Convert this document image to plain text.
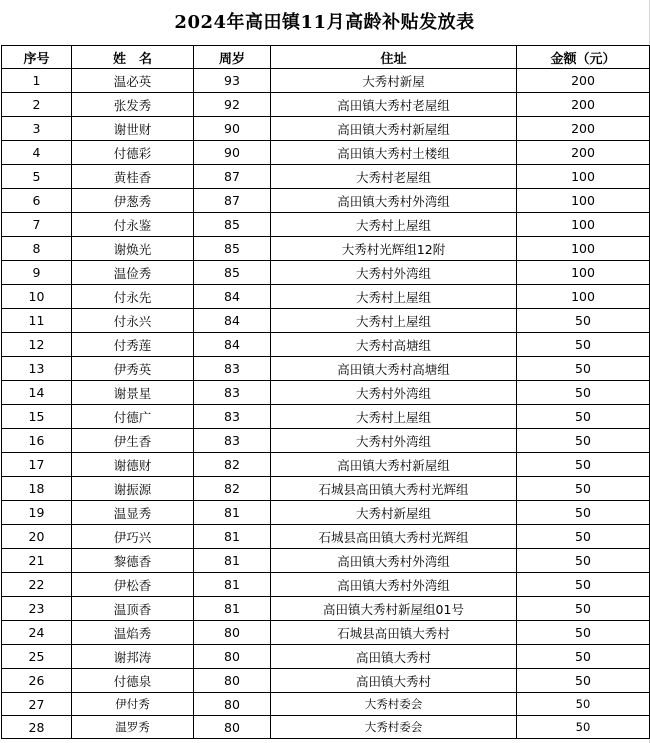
2024年高田镇11月高龄补贴发放表
序号	姓　名	周岁	住址	金额（元）
1	温必英	93	大秀村新屋	200
2	张发秀	92	高田镇大秀村老屋组	200
3	谢世财	90	高田镇大秀村新屋组	200
4	付德彩	90	高田镇大秀村土楼组	200
5	黄桂香	87	大秀村老屋组	100
6	伊葱秀	87	高田镇大秀村外湾组	100
7	付永鉴	85	大秀村上屋组	100
8	谢焕光	85	大秀村光辉组12附	100
9	温俭秀	85	大秀村外湾组	100
10	付永先	84	大秀村上屋组	100
11	付永兴	84	大秀村上屋组	50
12	付秀莲	84	大秀村高塘组	50
13	伊秀英	83	高田镇大秀村高塘组	50
14	谢景星	83	大秀村外湾组	50
15	付德广	83	大秀村上屋组	50
16	伊生香	83	大秀村外湾组	50
17	谢德财	82	高田镇大秀村新屋组	50
18	谢振源	82	石城县高田镇大秀村光辉组	50
19	温显秀	81	大秀村新屋组	50
20	伊巧兴	81	石城县高田镇大秀村光辉组	50
21	黎德香	81	高田镇大秀村外湾组	50
22	伊松香	81	高田镇大秀村外湾组	50
23	温顶香	81	高田镇大秀村新屋组01号	50
24	温焰秀	80	石城县高田镇大秀村	50
25	谢邦涛	80	高田镇大秀村	50
26	付德泉	80	高田镇大秀村	50
27	伊付秀	80	大秀村委会	50
28	温罗秀	80	大秀村委会	50
